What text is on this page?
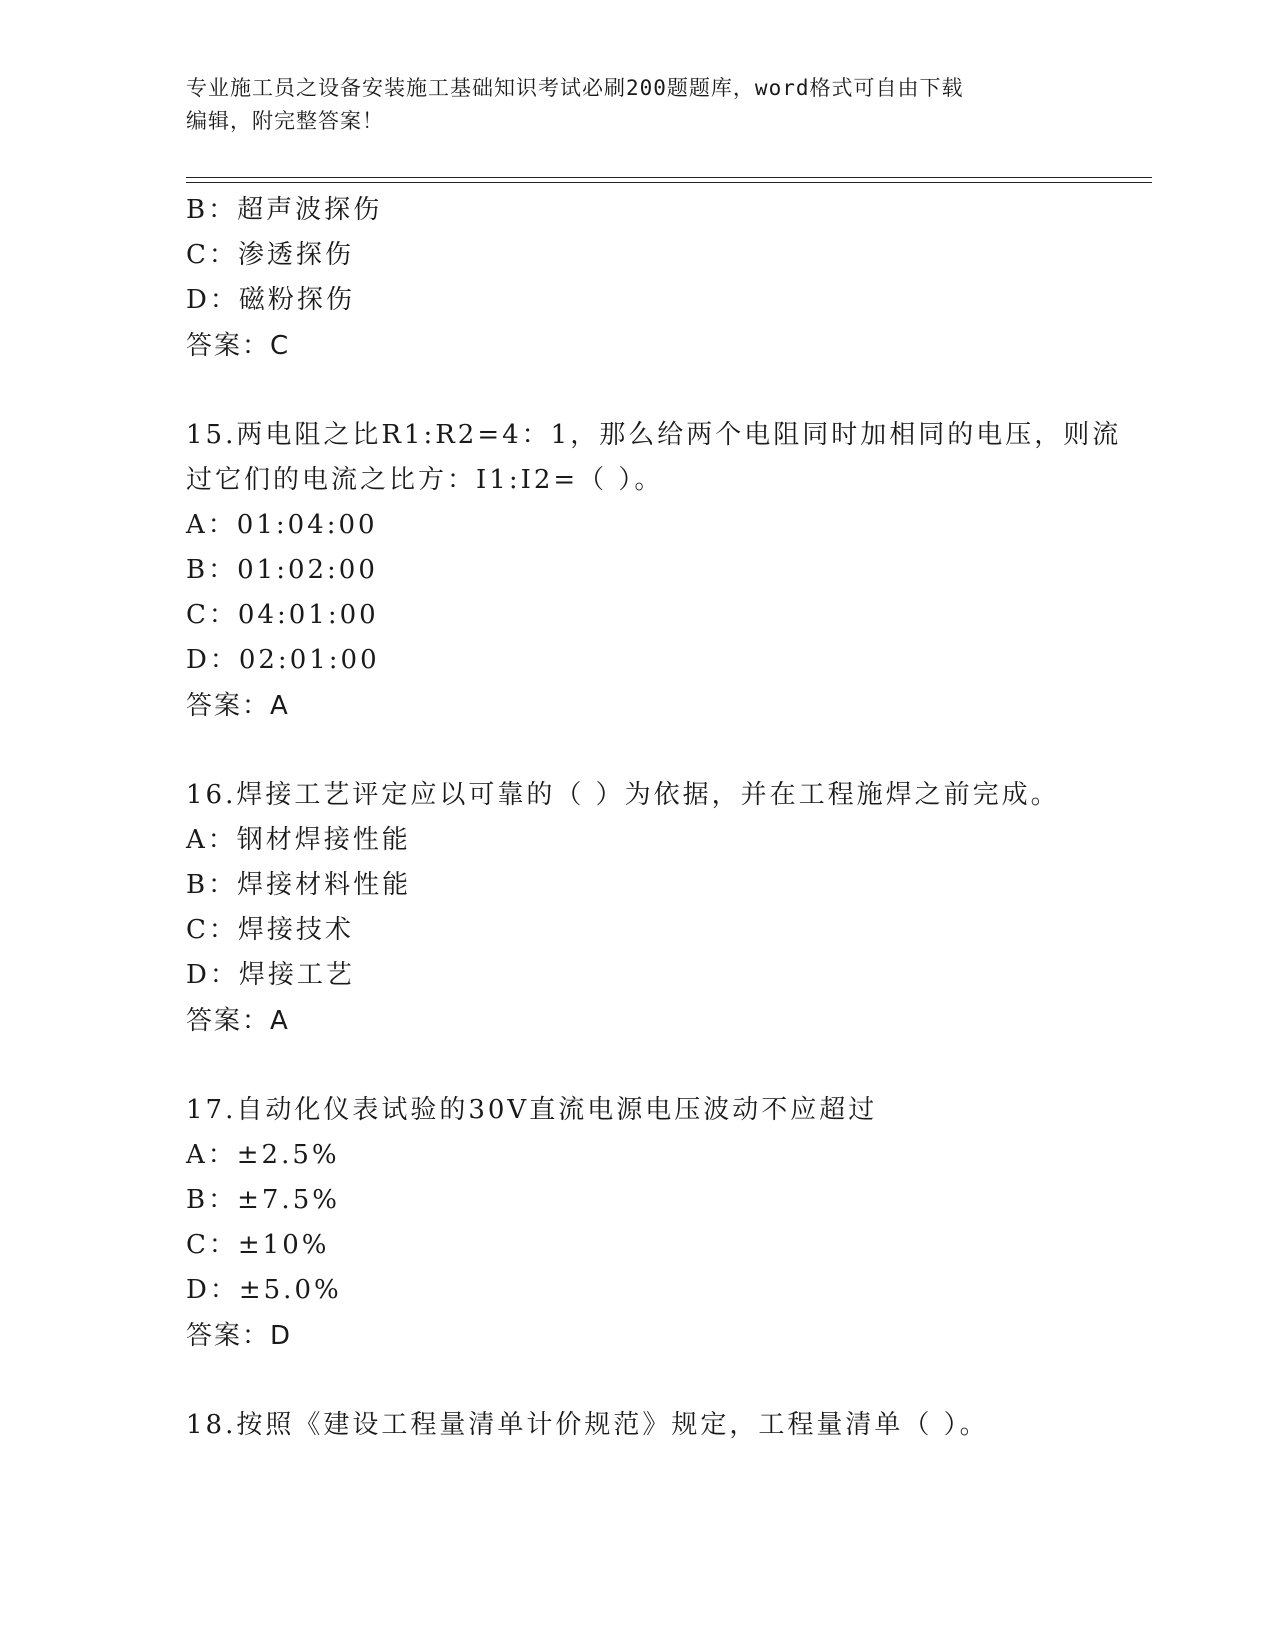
专业施工员之设备安装施工基础知识考试必刷200题题库，word格式可自由下载
编辑，附完整答案！
B：超声波探伤
C：渗透探伤
D：磁粉探伤
答案：C
15.两电阻之比R1:R2=4：1，那么给两个电阻同时加相同的电压，则流
过它们的电流之比方：I1:I2=（ ）。
A：01:04:00
B：01:02:00
C：04:01:00
D：02:01:00
答案：A
16.焊接工艺评定应以可靠的（ ）为依据，并在工程施焊之前完成。
A：钢材焊接性能
B：焊接材料性能
C：焊接技术
D：焊接工艺
答案：A
17.自动化仪表试验的30V直流电源电压波动不应超过
A：±2.5%
B：±7.5%
C：±10%
D：±5.0%
答案：D
18.按照《建设工程量清单计价规范》规定，工程量清单（ ）。
